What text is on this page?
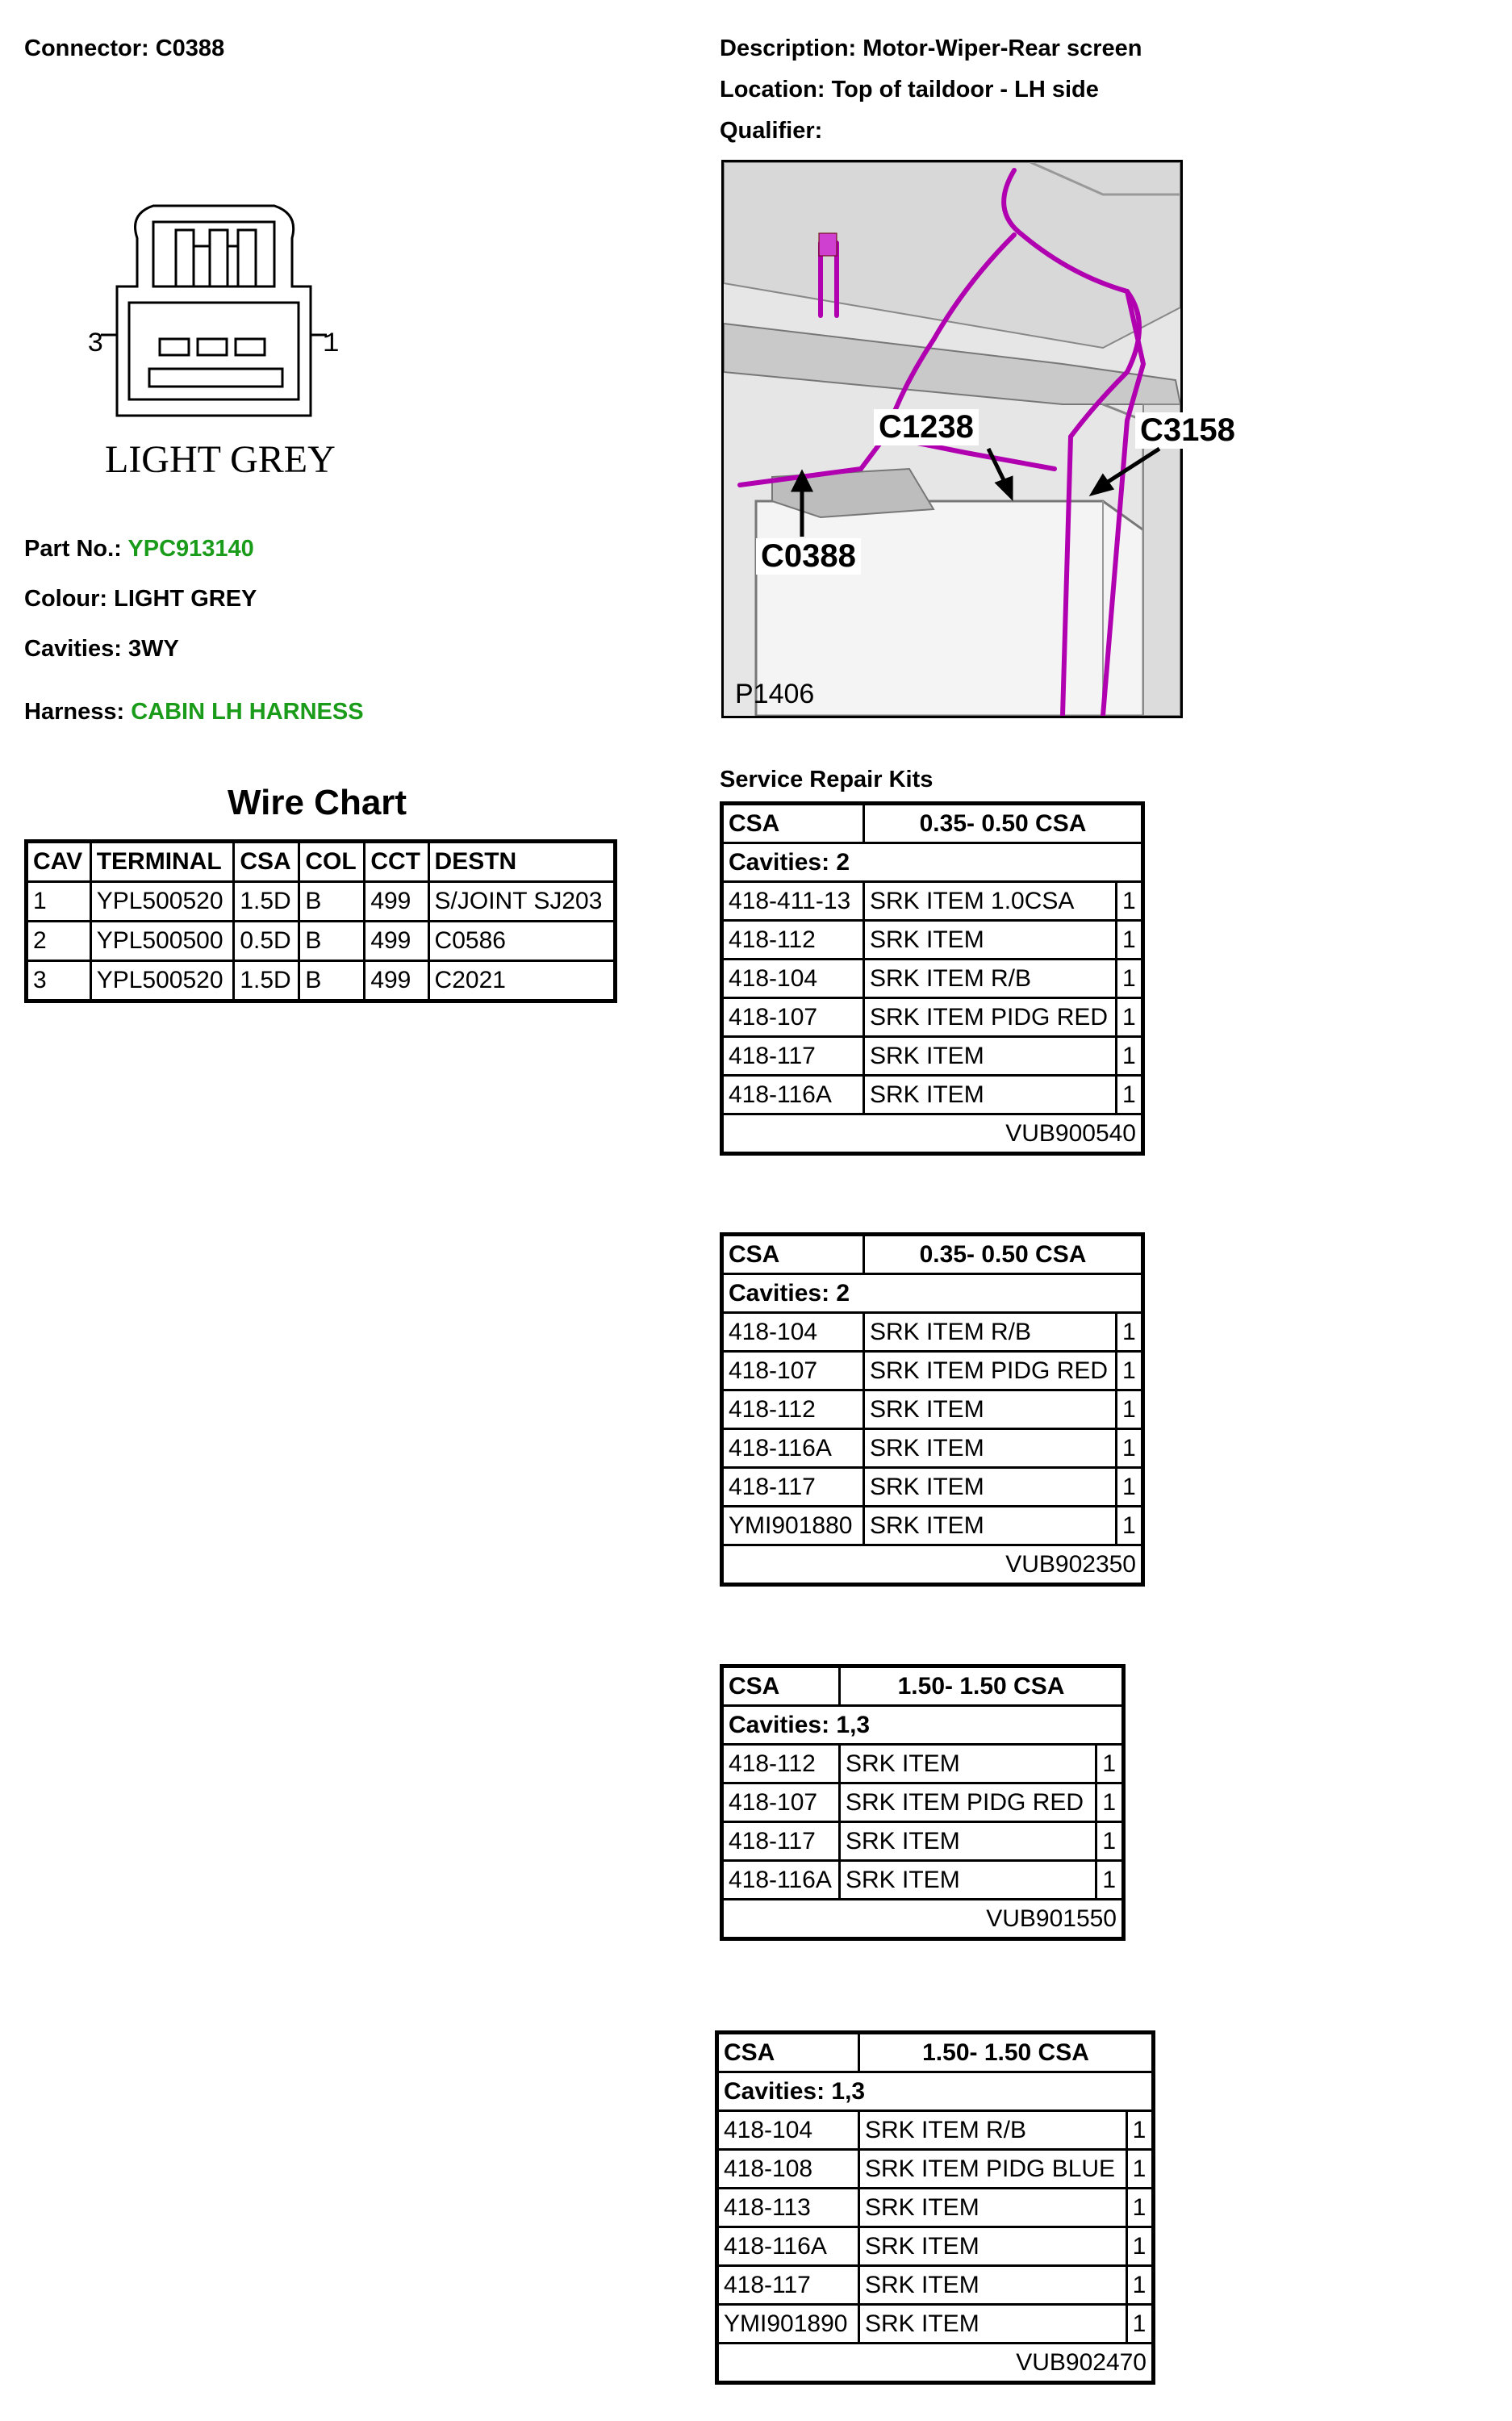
Connector: C0388	Description: Motor-Wiper-Rear screen
Location: Top of taildoor - LH side
Qualifier:
3	1
LIGHT GREY
Part No.: YPC913140
Colour: LIGHT GREY
Cavities: 3WY
Harness: CABIN LH HARNESS
C1238	C3158
C0388
P1406
Wire Chart
CAV	TERMINAL	CSA	COL	CCT	DESTN
1	YPL500520	1.5D	B	499	S/JOINT SJ203
2	YPL500500	0.5D	B	499	C0586
3	YPL500520	1.5D	B	499	C2021
Service Repair Kits
CSA	0.35- 0.50 CSA	
Cavities: 2		
418-411-13	SRK ITEM 1.0CSA	1
418-112	SRK ITEM	1
418-104	SRK ITEM R/B	1
418-107	SRK ITEM PIDG RED	1
418-117	SRK ITEM	1
418-116A	SRK ITEM	1
VUB900540		
CSA	0.35- 0.50 CSA	
Cavities: 2		
418-104	SRK ITEM R/B	1
418-107	SRK ITEM PIDG RED	1
418-112	SRK ITEM	1
418-116A	SRK ITEM	1
418-117	SRK ITEM	1
YMI901880	SRK ITEM	1
VUB902350		
CSA	1.50- 1.50 CSA	
Cavities: 1,3		
418-112	SRK ITEM	1
418-107	SRK ITEM PIDG RED	1
418-117	SRK ITEM	1
418-116A	SRK ITEM	1
VUB901550		
CSA	1.50- 1.50 CSA	
Cavities: 1,3		
418-104	SRK ITEM R/B	1
418-108	SRK ITEM PIDG BLUE	1
418-113	SRK ITEM	1
418-116A	SRK ITEM	1
418-117	SRK ITEM	1
YMI901890	SRK ITEM	1
VUB902470		
